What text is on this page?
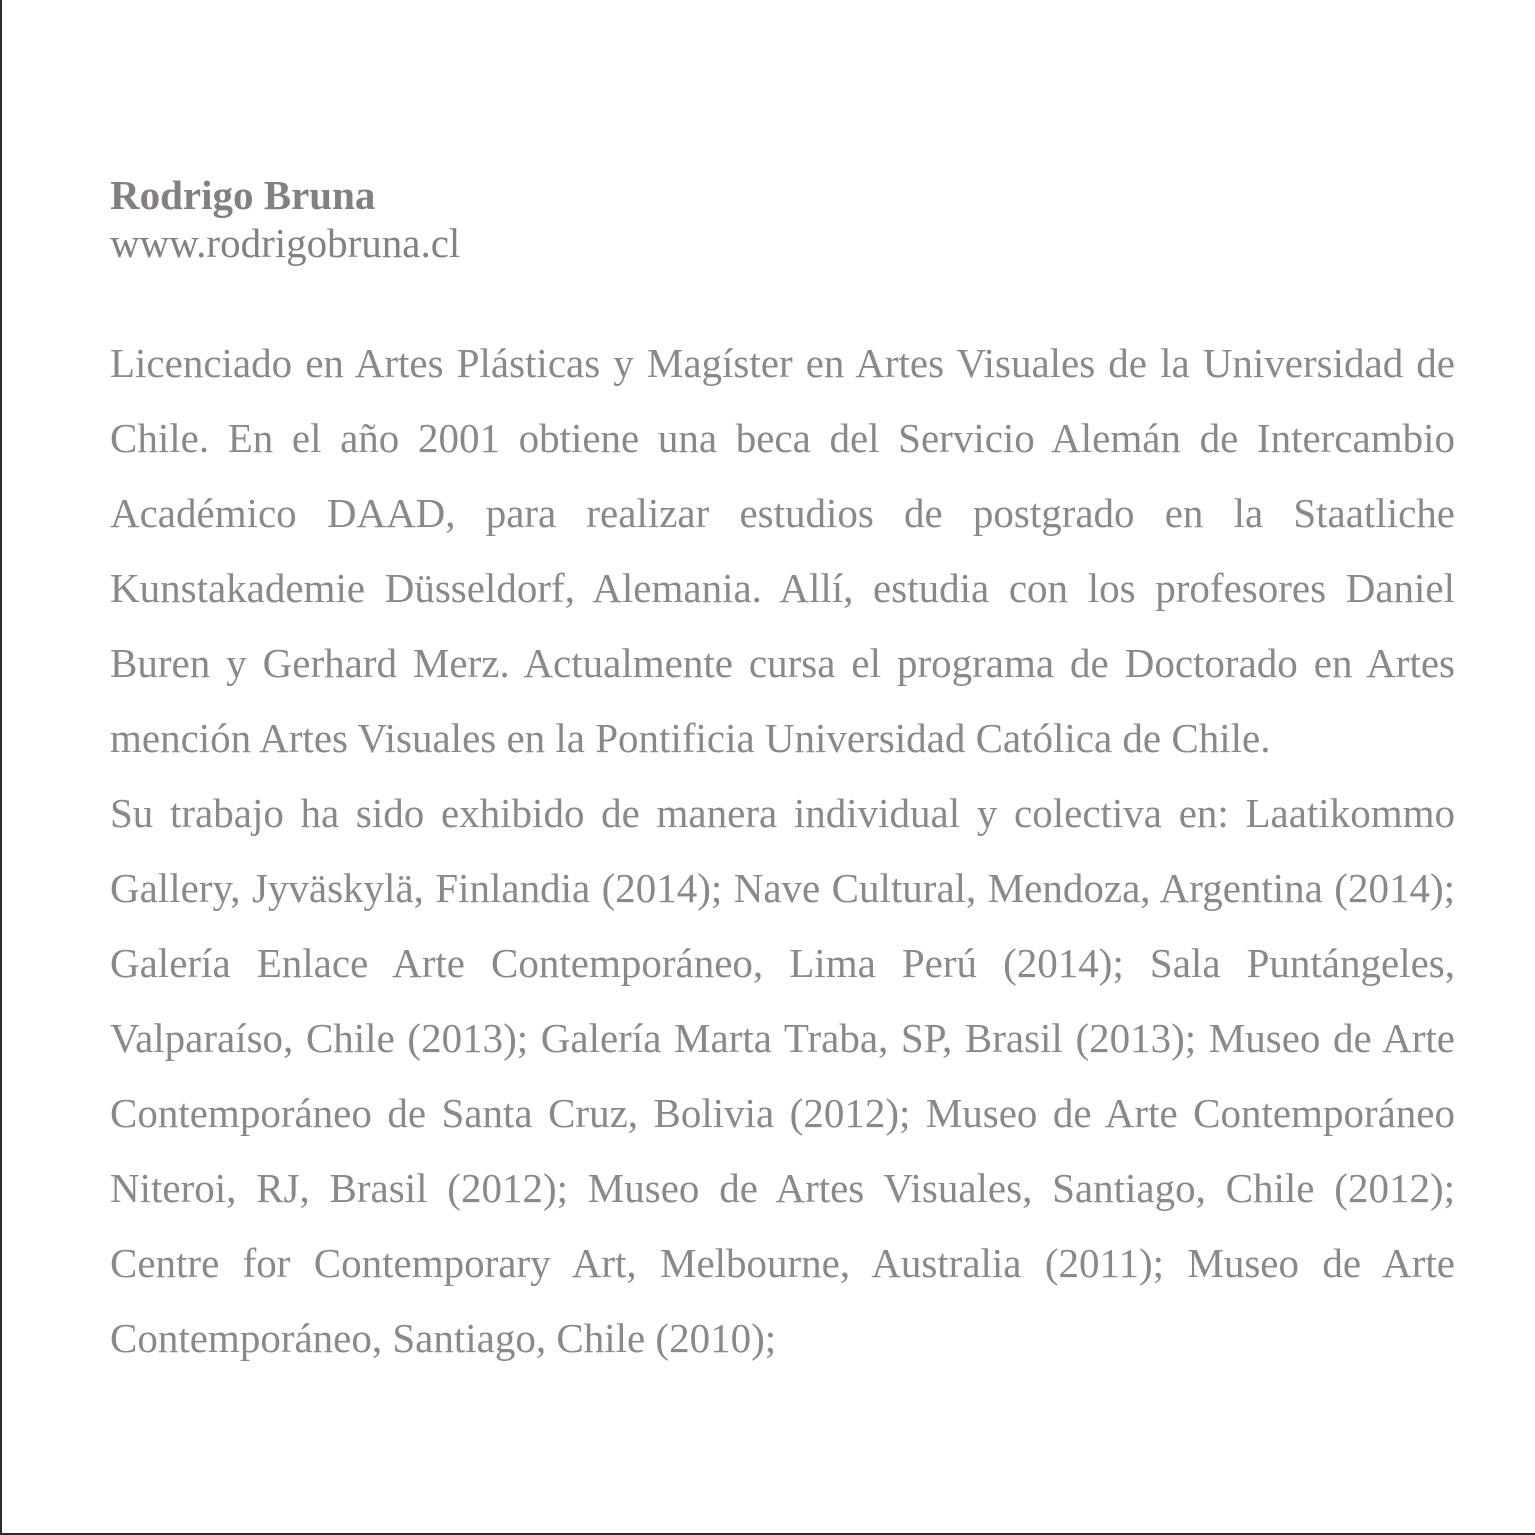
Rodrigo Bruna
www.rodrigobruna.cl

Licenciado en Artes Plásticas y Magíster en Artes Visuales de la Universidad de Chile. En el año 2001 obtiene una beca del Servicio Alemán de Intercambio Académico DAAD, para realizar estudios de postgrado en la Staatliche Kunstakademie Düsseldorf, Alemania. Allí, estudia con los profesores Daniel Buren y Gerhard Merz. Actualmente cursa el programa de Doctorado en Artes mención Artes Visuales en la Pontificia Universidad Católica de Chile.

Su trabajo ha sido exhibido de manera individual y colectiva en: Laatikommo Gallery, Jyväskylä, Finlandia (2014); Nave Cultural, Mendoza, Argentina (2014); Galería Enlace Arte Contemporáneo, Lima Perú (2014); Sala Puntángeles, Valparaíso, Chile (2013); Galería Marta Traba, SP, Brasil (2013); Museo de Arte Contemporáneo de Santa Cruz, Bolivia (2012); Museo de Arte Contemporáneo Niteroi, RJ, Brasil (2012); Museo de Artes Visuales, Santiago, Chile (2012); Centre for Contemporary Art, Melbourne, Australia (2011); Museo de Arte Contemporáneo, Santiago, Chile (2010);
